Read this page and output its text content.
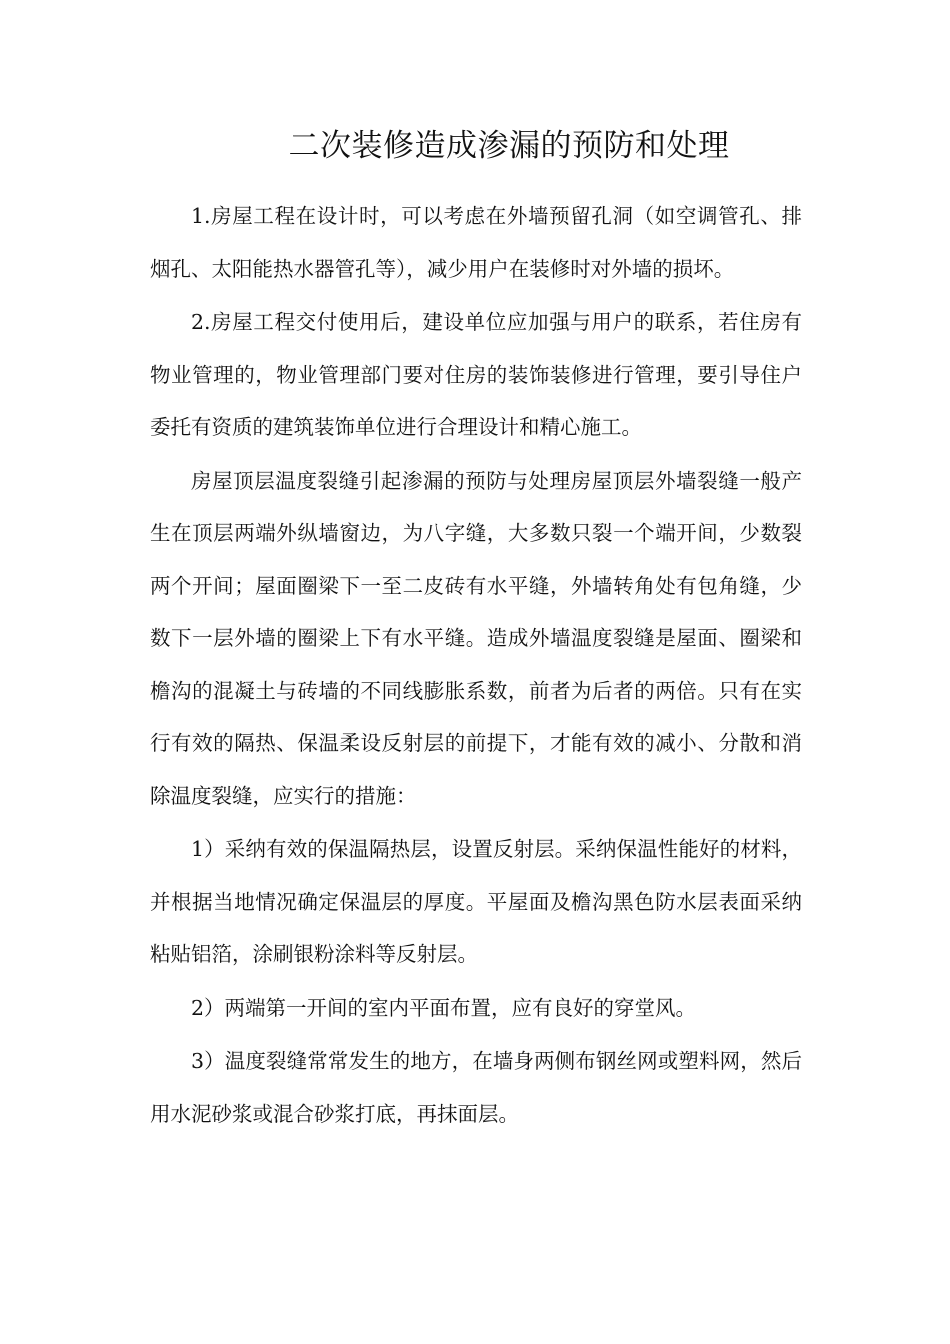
二次装修造成渗漏的预防和处理

1.房屋工程在设计时，可以考虑在外墙预留孔洞（如空调管孔、排烟孔、太阳能热水器管孔等），减少用户在装修时对外墙的损坏。

2.房屋工程交付使用后，建设单位应加强与用户的联系，若住房有物业管理的，物业管理部门要对住房的装饰装修进行管理，要引导住户委托有资质的建筑装饰单位进行合理设计和精心施工。

房屋顶层温度裂缝引起渗漏的预防与处理房屋顶层外墙裂缝一般产生在顶层两端外纵墙窗边，为八字缝，大多数只裂一个端开间，少数裂两个开间；屋面圈梁下一至二皮砖有水平缝，外墙转角处有包角缝，少数下一层外墙的圈梁上下有水平缝。造成外墙温度裂缝是屋面、圈梁和檐沟的混凝土与砖墙的不同线膨胀系数，前者为后者的两倍。只有在实行有效的隔热、保温柔设反射层的前提下，才能有效的减小、分散和消除温度裂缝，应实行的措施：

1）采纳有效的保温隔热层，设置反射层。采纳保温性能好的材料，并根据当地情况确定保温层的厚度。平屋面及檐沟黑色防水层表面采纳粘贴铝箔，涂刷银粉涂料等反射层。

2）两端第一开间的室内平面布置，应有良好的穿堂风。

3）温度裂缝常常发生的地方，在墙身两侧布钢丝网或塑料网，然后用水泥砂浆或混合砂浆打底，再抹面层。
